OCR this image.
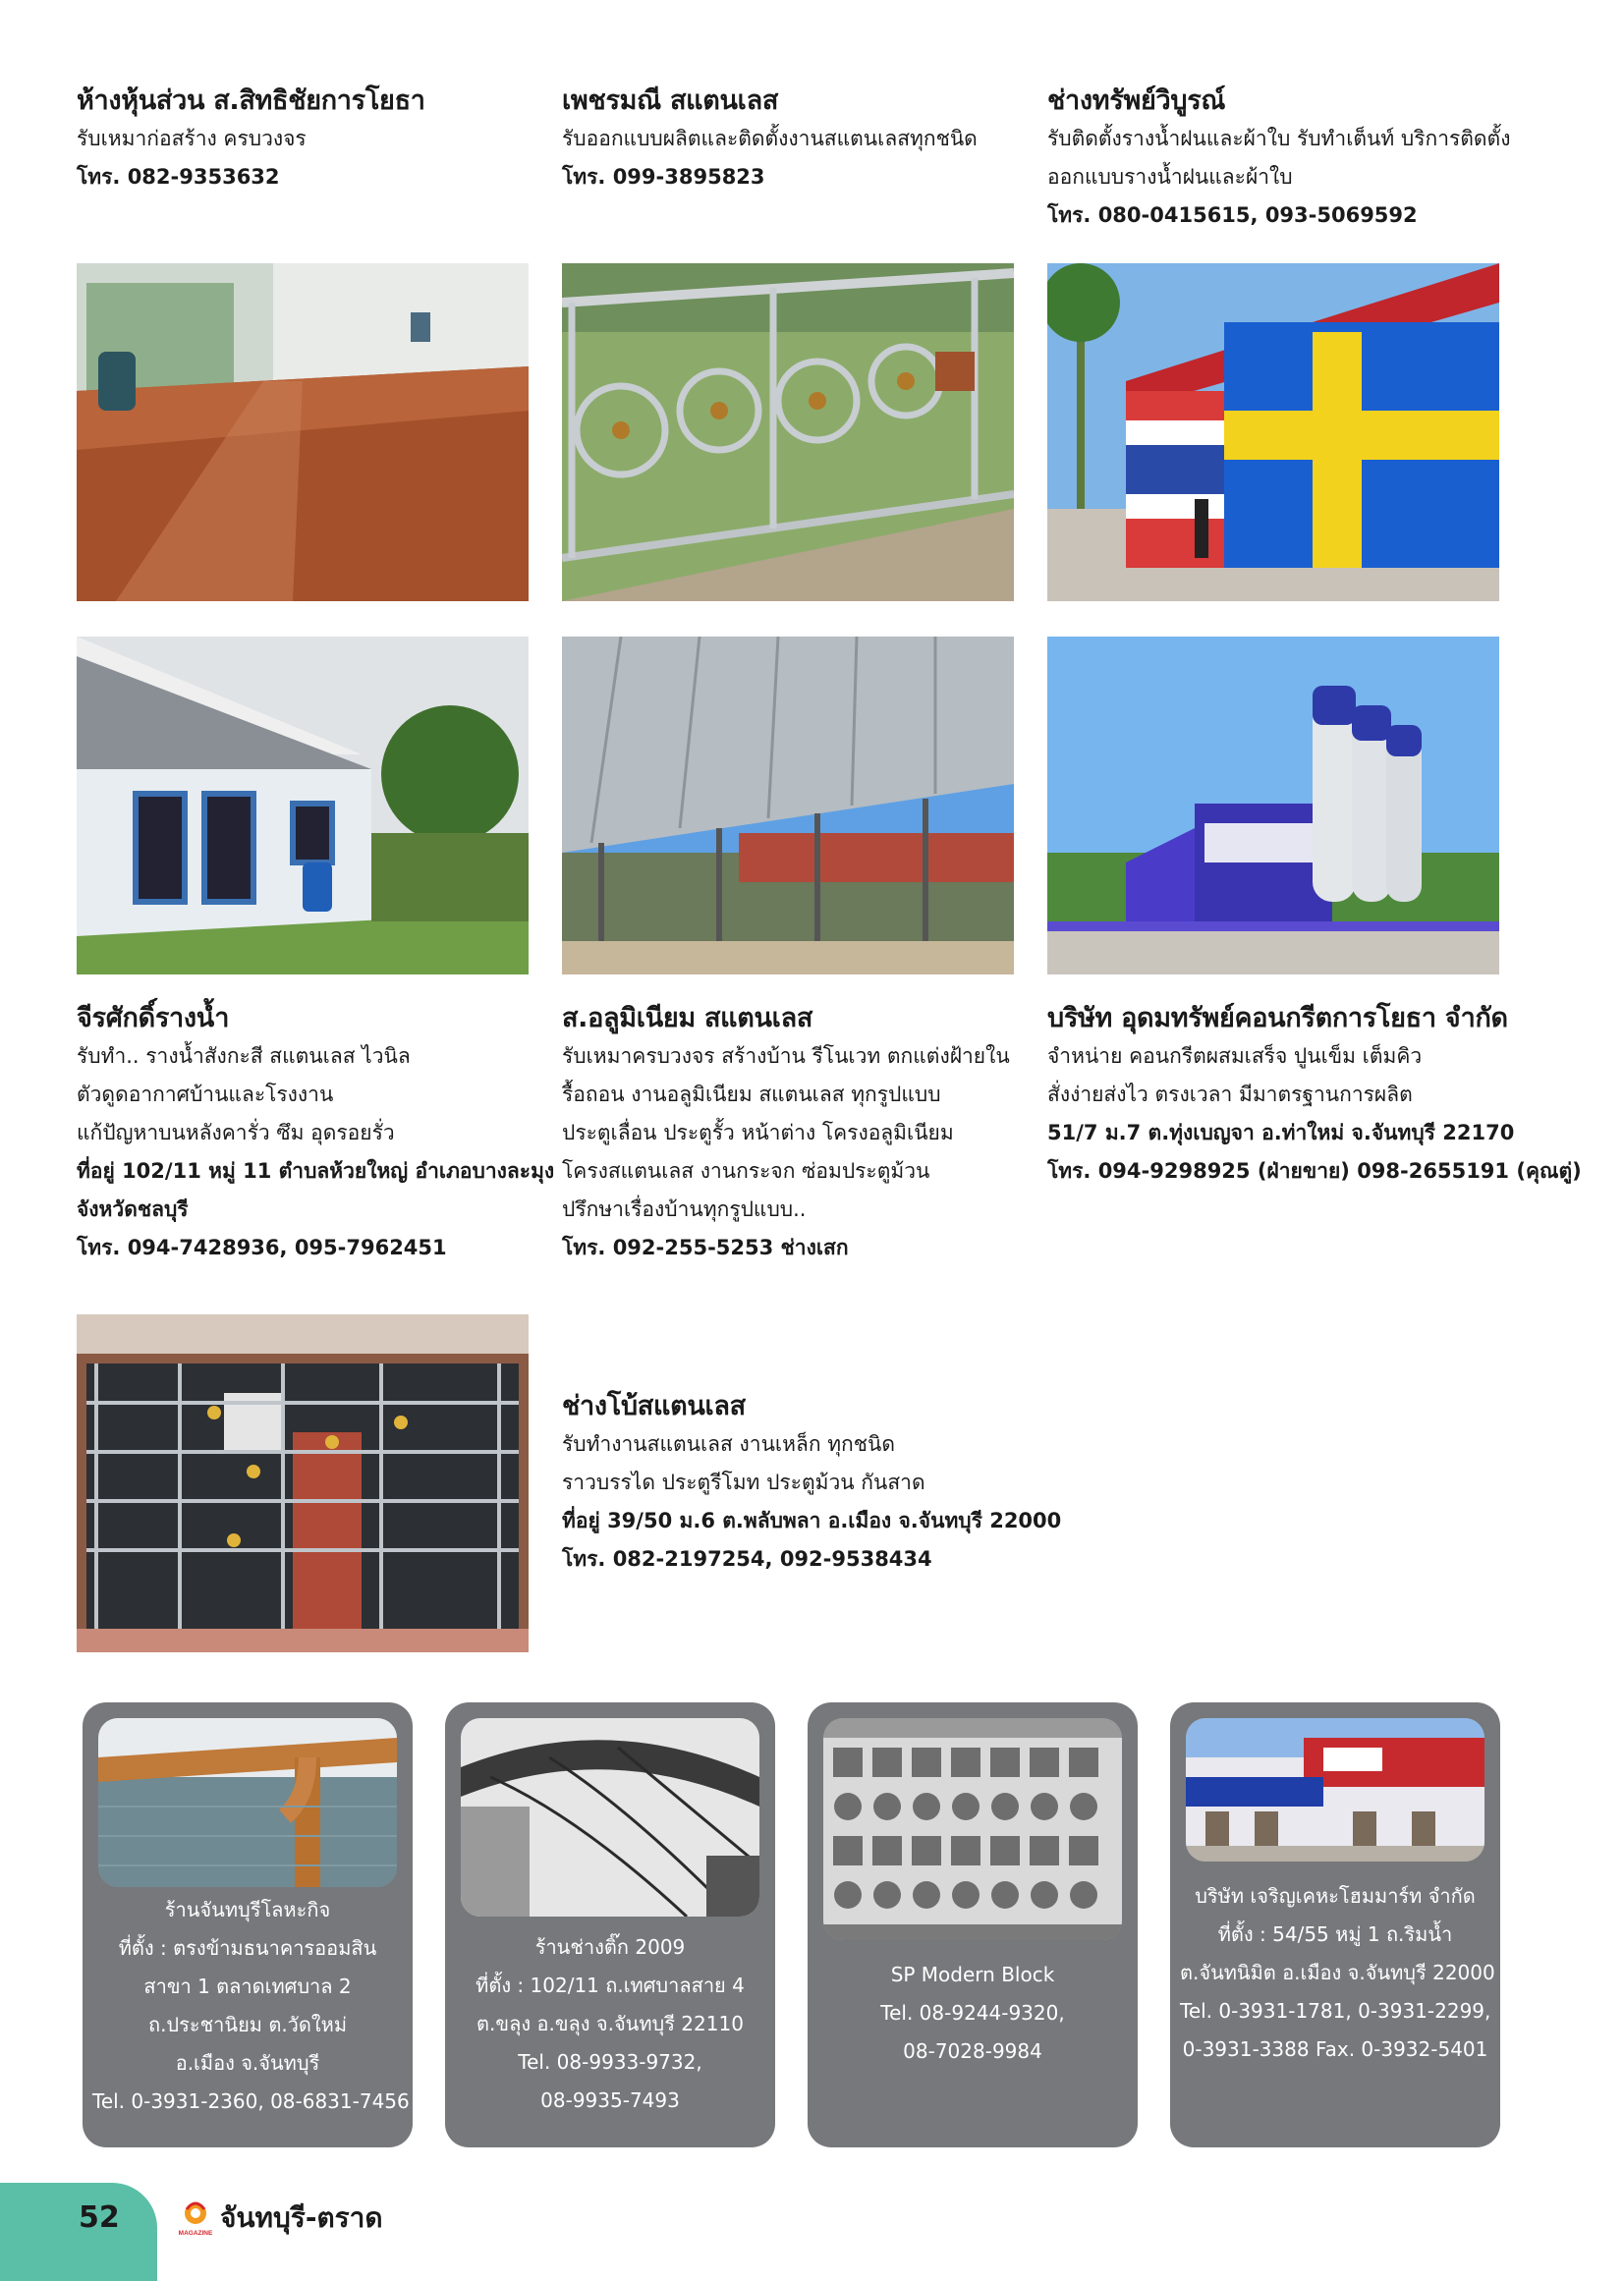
ห้างหุ้นส่วน ส.สิทธิชัยการโยธา
รับเหมาก่อสร้าง ครบวงจร
โทร. 082-9353632
เพชรมณี สแตนเลส
รับออกแบบผลิตและติดตั้งงานสแตนเลสทุกชนิด
โทร. 099-3895823
ช่างทรัพย์วิบูรณ์
รับติดตั้งรางน้ำฝนและผ้าใบ รับทำเต็นท์ บริการติดตั้ง
ออกแบบรางน้ำฝนและผ้าใบ
โทร. 080-0415615, 093-5069592
จีรศักดิ์รางน้ำ
รับทำ.. รางน้ำสังกะสี สแตนเลส ไวนิล
ตัวดูดอากาศบ้านและโรงงาน
แก้ปัญหาบนหลังคารั่ว ซึม อุดรอยรั่ว
ที่อยู่ 102/11 หมู่ 11 ตำบลห้วยใหญ่ อำเภอบางละมุง
จังหวัดชลบุรี
โทร. 094-7428936, 095-7962451
ส.อลูมิเนียม สแตนเลส
รับเหมาครบวงจร สร้างบ้าน รีโนเวท ตกแต่งฝ้ายใน
รื้อถอน งานอลูมิเนียม สแตนเลส ทุกรูปแบบ
ประตูเลื่อน ประตูรั้ว หน้าต่าง โครงอลูมิเนียม
โครงสแตนเลส งานกระจก ซ่อมประตูม้วน
ปรึกษาเรื่องบ้านทุกรูปแบบ..
โทร. 092-255-5253 ช่างเสก
บริษัท อุดมทรัพย์คอนกรีตการโยธา จำกัด
จำหน่าย คอนกรีตผสมเสร็จ ปูนเข็ม เต็มคิว
สั่งง่ายส่งไว ตรงเวลา มีมาตรฐานการผลิต
51/7 ม.7 ต.ทุ่งเบญจา อ.ท่าใหม่ จ.จันทบุรี 22170
โทร. 094-9298925 (ฝ่ายขาย) 098-2655191 (คุณตู่)
ช่างโบ้สแตนเลส
รับทำงานสแตนเลส งานเหล็ก ทุกชนิด
ราวบรรได ประตูรีโมท ประตูม้วน กันสาด
ที่อยู่ 39/50 ม.6 ต.พลับพลา อ.เมือง จ.จันทบุรี 22000
โทร. 082-2197254, 092-9538434
ร้านจันทบุรีโลหะกิจ
ที่ตั้ง : ตรงข้ามธนาคารออมสิน
สาขา 1 ตลาดเทศบาล 2
ถ.ประชานิยม ต.วัดใหม่
อ.เมือง จ.จันทบุรี
Tel. 0-3931-2360, 08-6831-7456
ร้านช่างติ๊ก 2009
ที่ตั้ง : 102/11 ถ.เทศบาลสาย 4
ต.ขลุง อ.ขลุง จ.จันทบุรี 22110
Tel. 08-9933-9732,
08-9935-7493
SP Modern Block
Tel. 08-9244-9320,
08-7028-9984
บริษัท เจริญเคหะโฮมมาร์ท จำกัด
ที่ตั้ง : 54/55 หมู่ 1 ถ.ริมน้ำ
ต.จันทนิมิต อ.เมือง จ.จันทบุรี 22000
Tel. 0-3931-1781, 0-3931-2299,
0-3931-3388 Fax. 0-3932-5401
52	MAGAZINE จันทบุรี-ตราด
